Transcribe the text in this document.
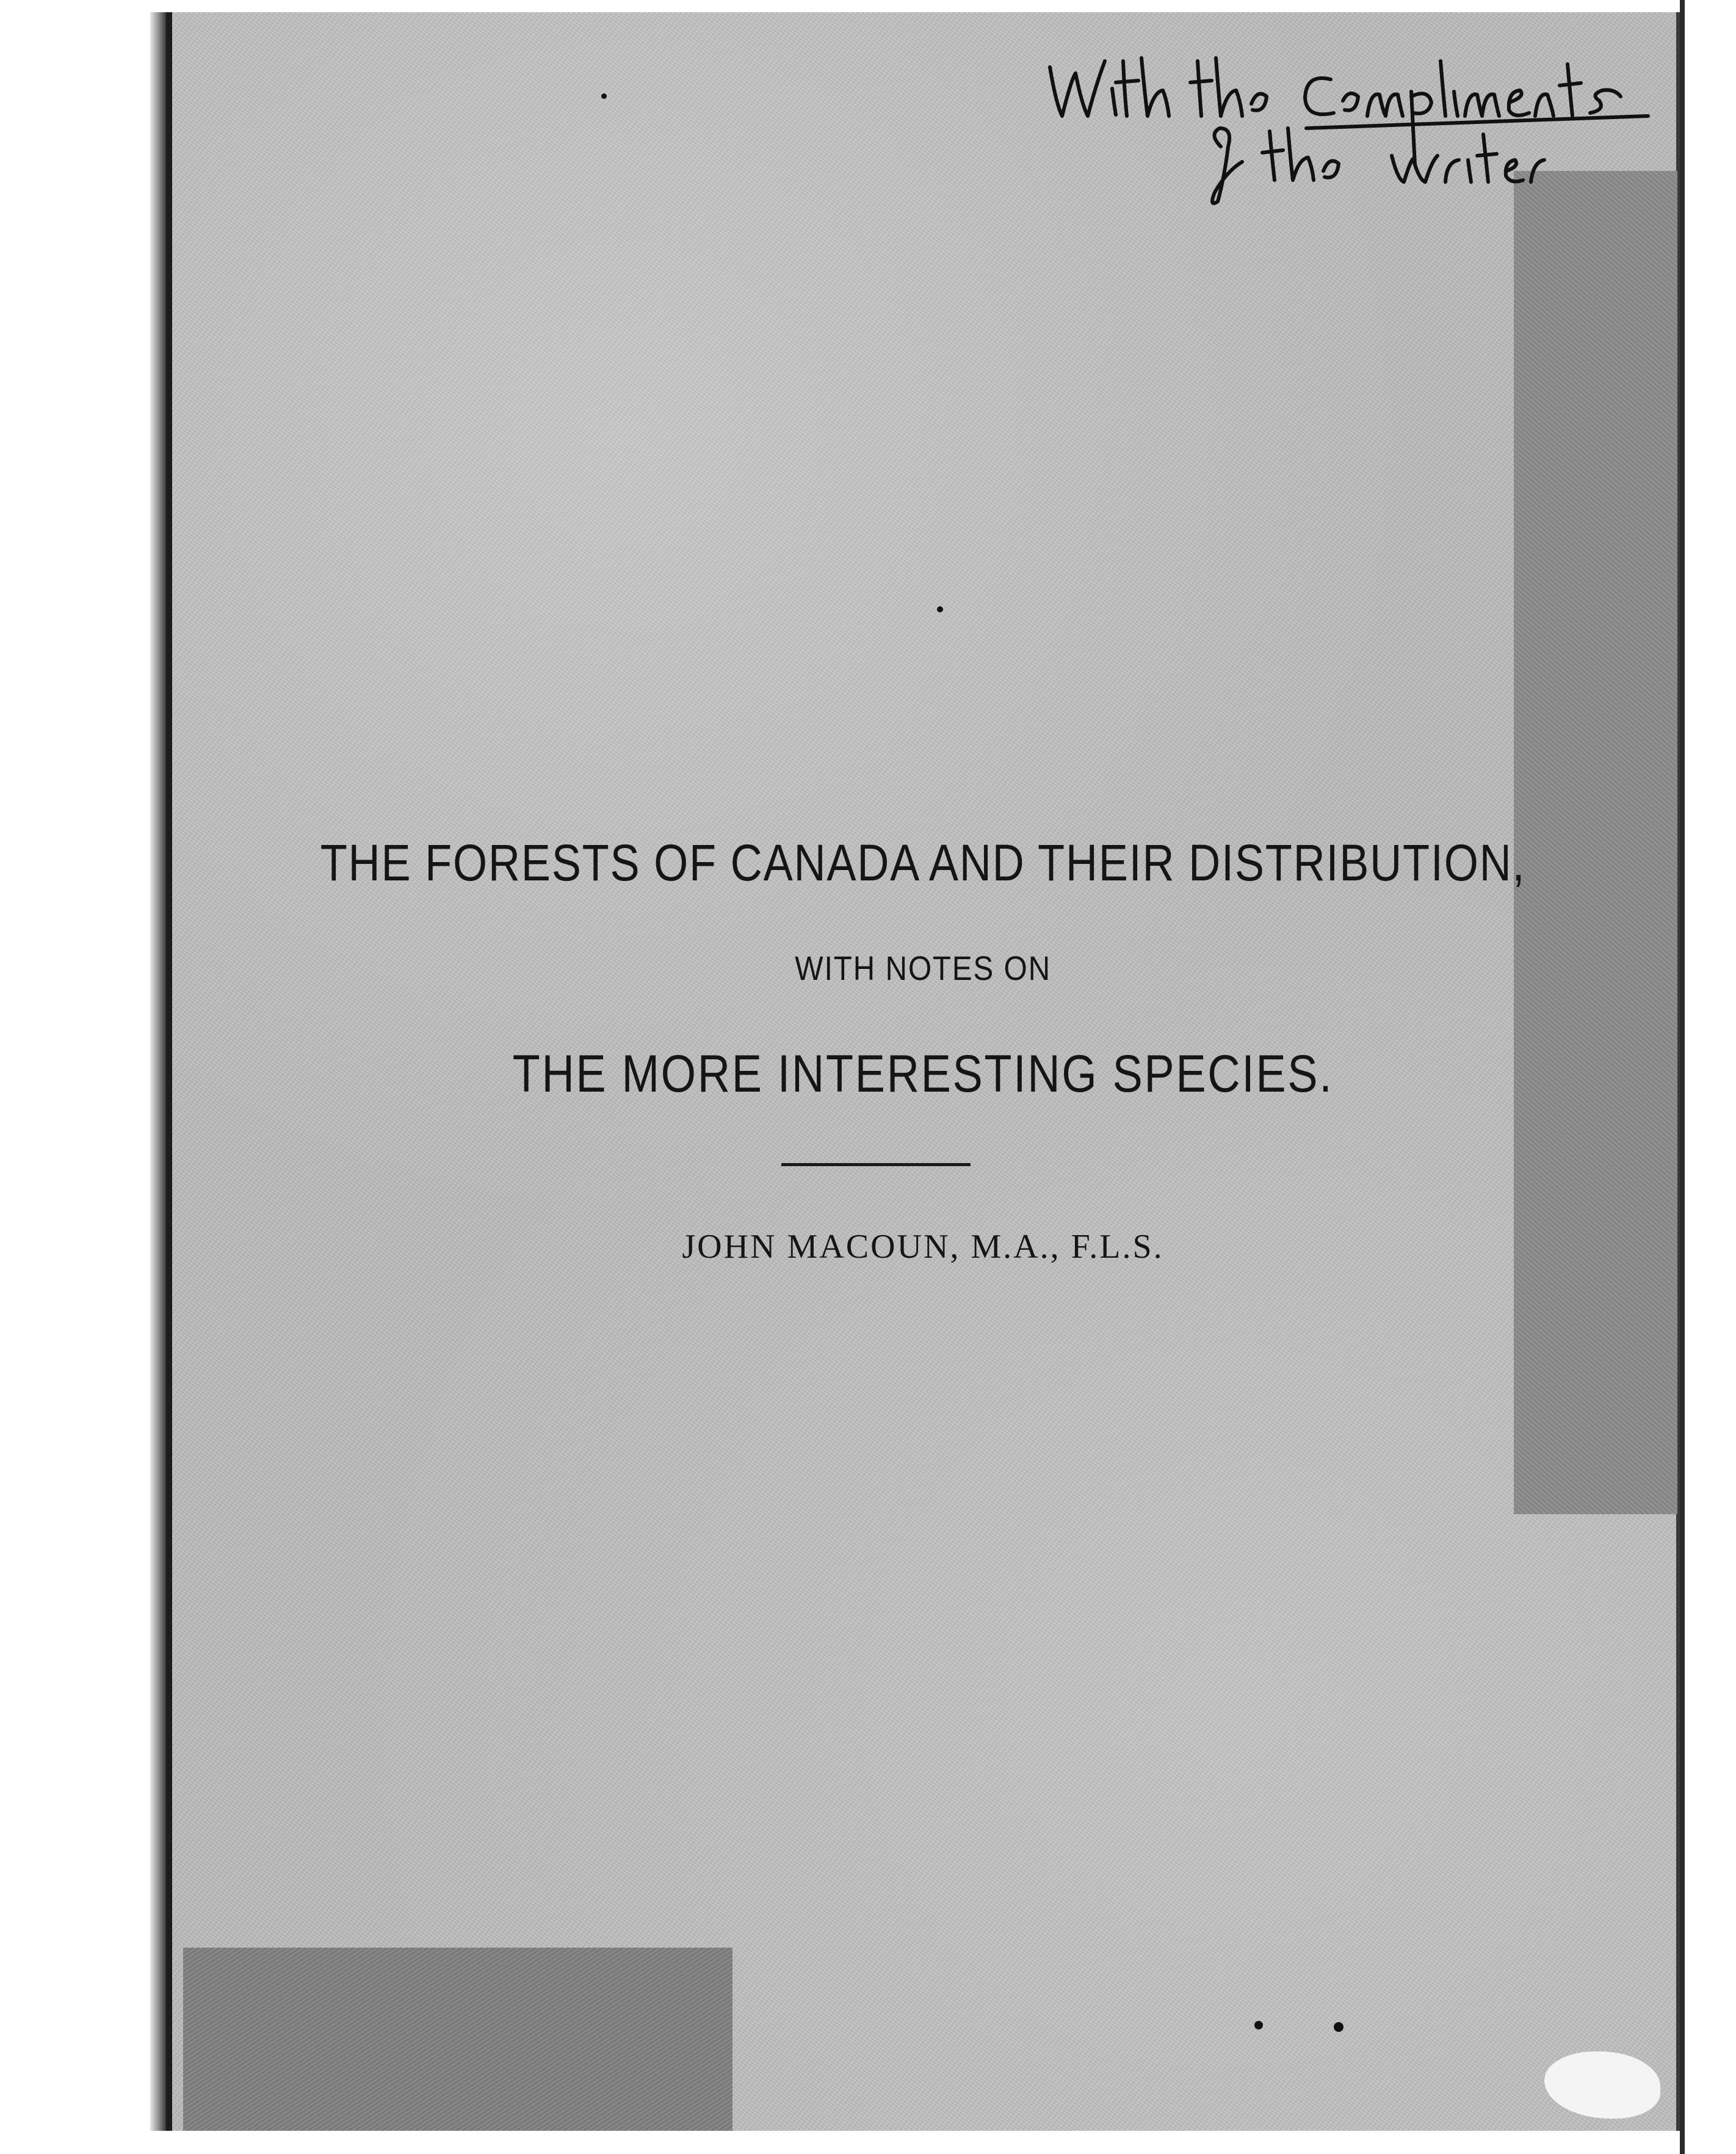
THE FORESTS OF CANADA AND THEIR DISTRIBUTION,
WITH NOTES ON
THE MORE INTERESTING SPECIES.
JOHN MACOUN, M.A., F.L.S.
